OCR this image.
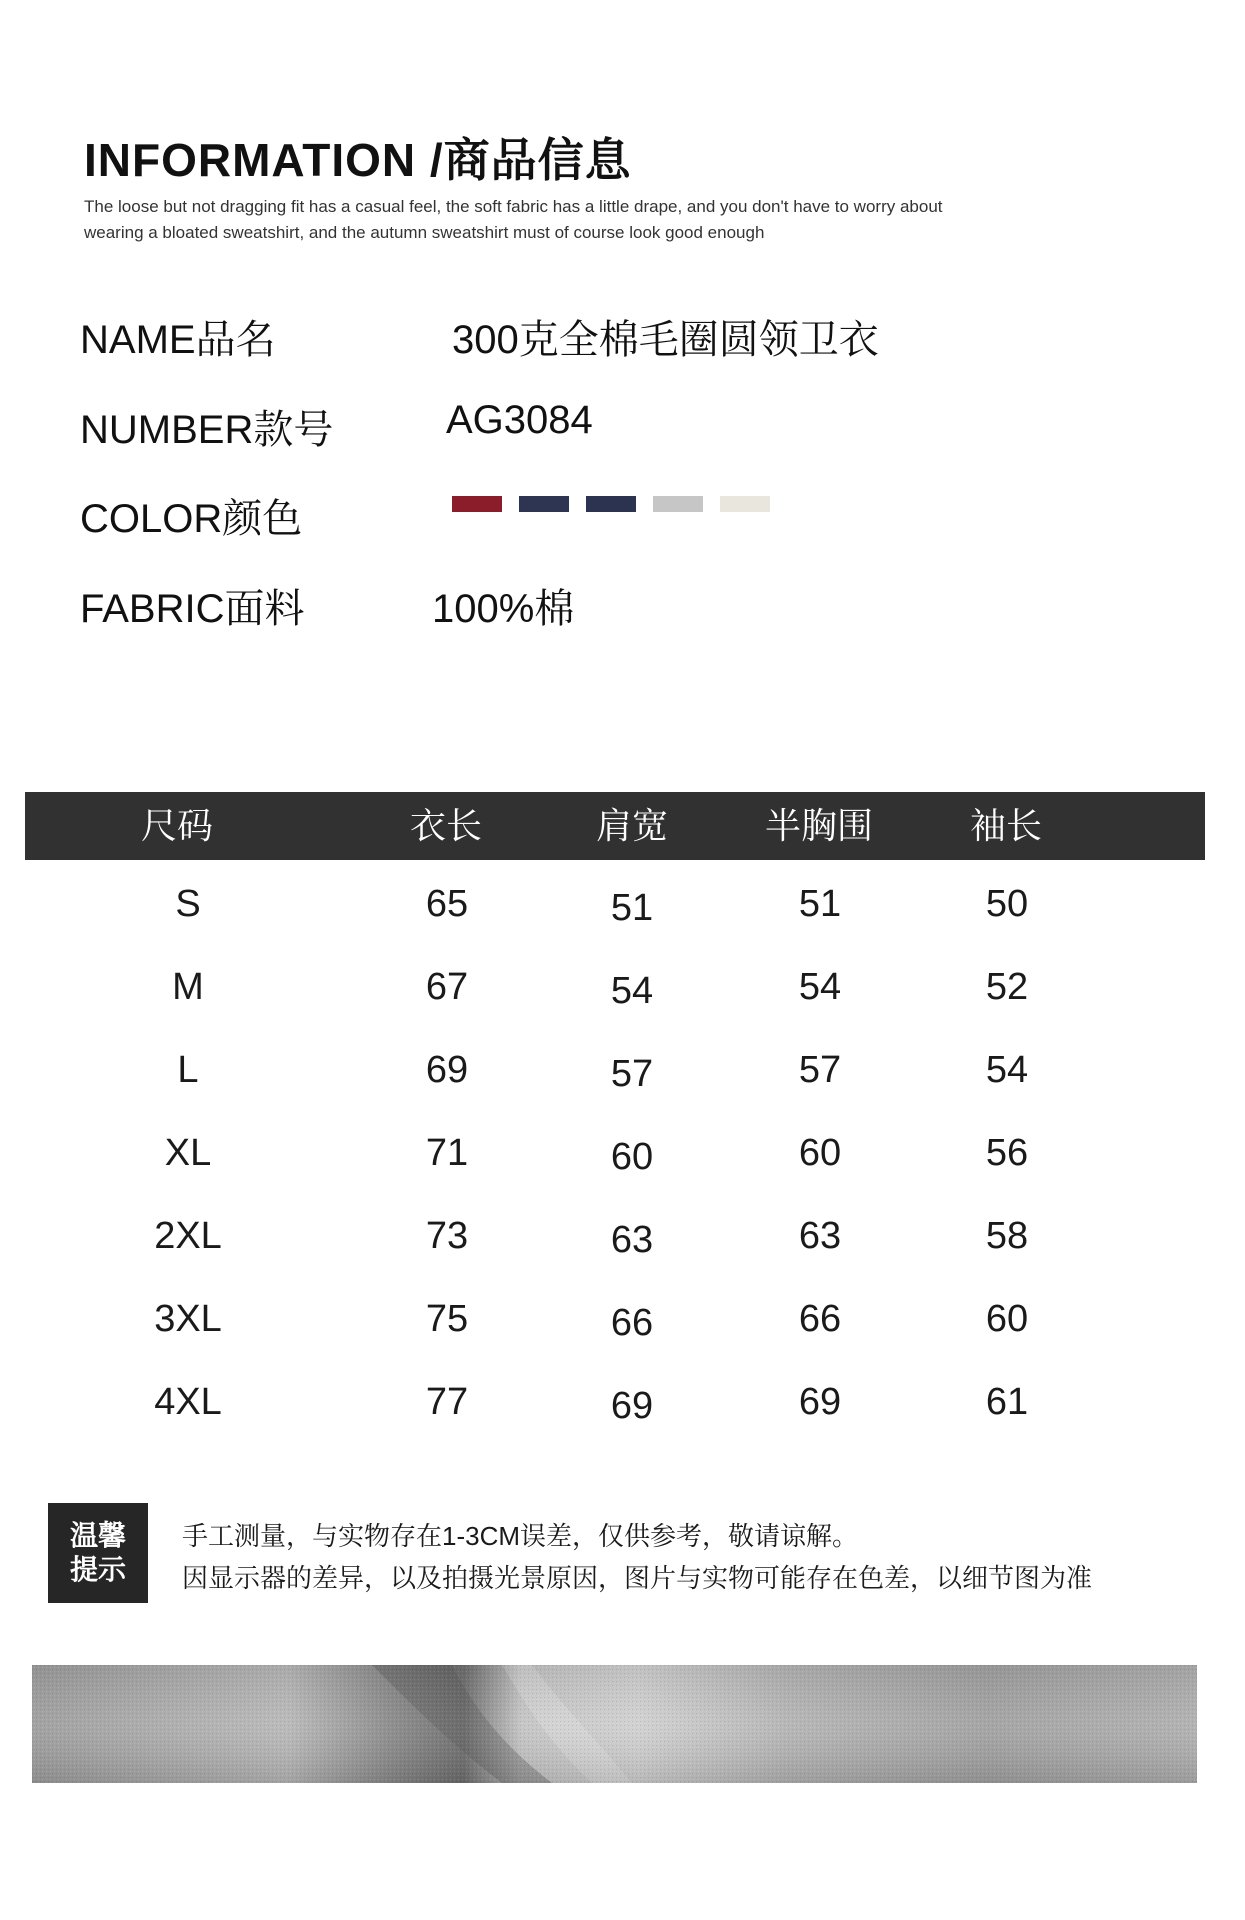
INFORMATION /商品信息
The loose but not dragging fit has a casual feel, the soft fabric has a little drape, and you don't have to worry about
wearing a bloated sweatshirt, and the autumn sweatshirt must of course look good enough
NAME品名	300克全棉毛圈圆领卫衣
NUMBER款号	AG3084
COLOR颜色
FABRIC面料	100%棉
尺码	衣长	肩宽	半胸围	袖长
S	65	51	51	50
M	67	54	54	52
L	69	57	57	54
XL	71	60	60	56
2XL	73	63	63	58
3XL	75	66	66	60
4XL	77	69	69	61
温馨
提示
手工测量，与实物存在1-3CM误差，仅供参考，敬请谅解。
因显示器的差异，以及拍摄光景原因，图片与实物可能存在色差，以细节图为准
